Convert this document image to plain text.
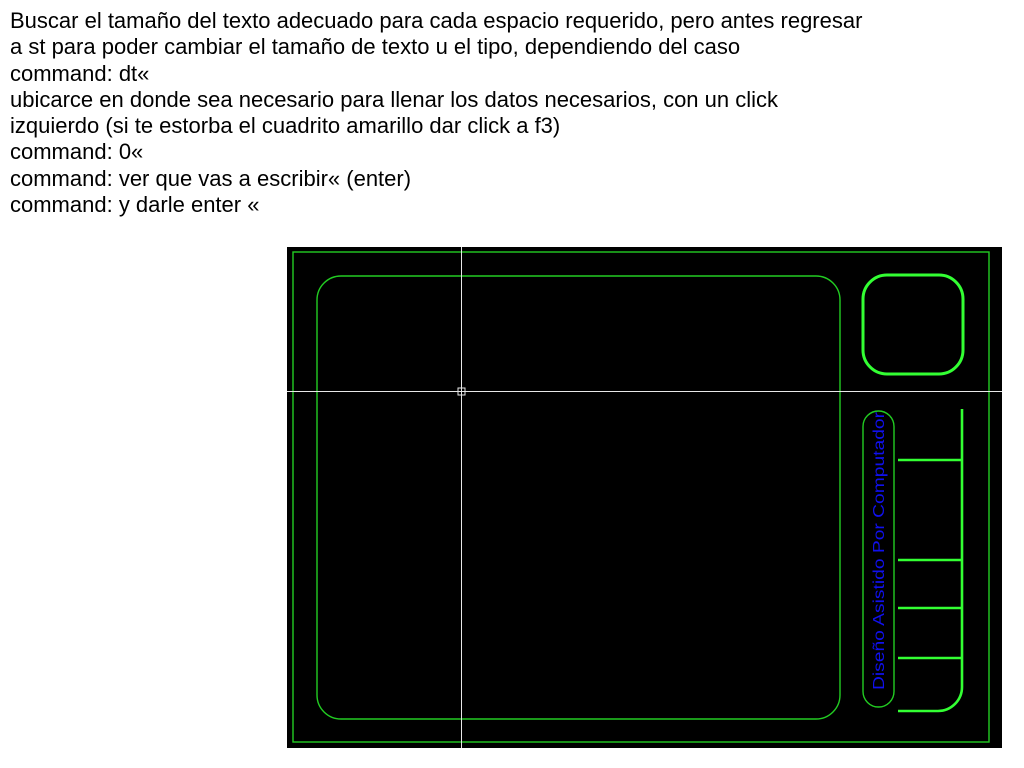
Buscar el tamaño del texto adecuado para cada espacio requerido, pero antes regresar
a st para poder cambiar el tamaño de texto u el tipo, dependiendo del caso
command: dt«
ubicarce en donde sea necesario para llenar los datos necesarios, con un click
izquierdo (si te estorba el cuadrito amarillo dar click a f3)
command: 0«
command: ver que vas a escribir« (enter)
command: y darle enter «
Diseño Asistido Por Computador
